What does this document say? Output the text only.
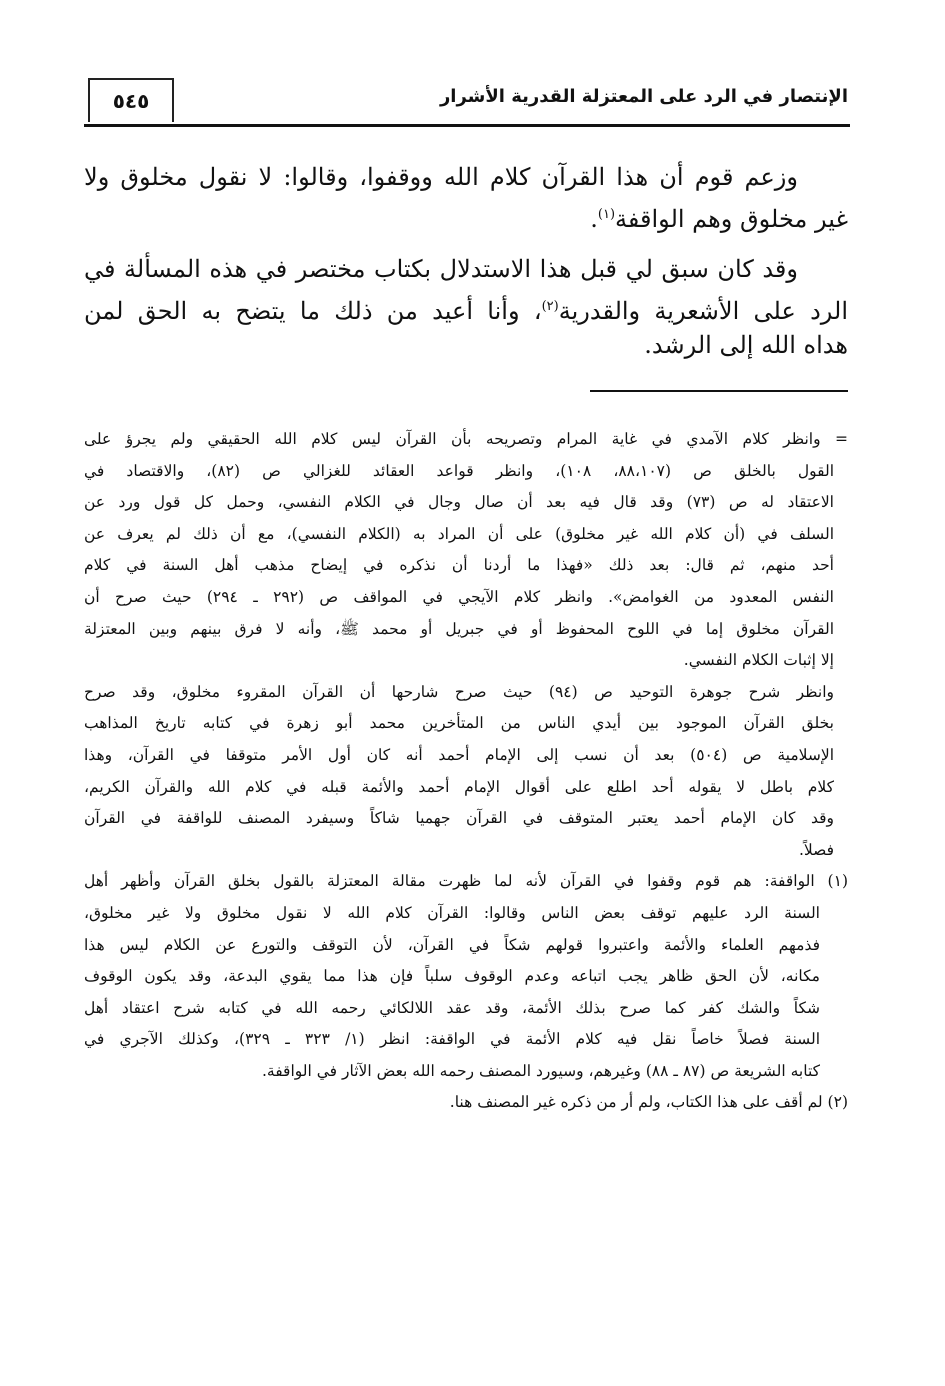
الإنتصار في الرد على المعتزلة القدرية الأشرار
٥٤٥
وزعم قوم أن هذا القرآن كلام الله ووقفوا، وقالوا: لا نقول مخلوق ولا
غير مخلوق وهم الواقفة$^{(١)}$.
وقد كان سبق لي قبل هذا الاستدلال بكتاب مختصر في هذه المسألة في
الرد على الأشعرية والقدرية$^{(٢)}$، وأنا أعيد من ذلك ما يتضح به الحق لمن
هداه الله إلى الرشد.
= وانظر كلام الآمدي في غاية المرام وتصريحه بأن القرآن ليس كلام الله الحقيقي ولم يجرؤ على
القول بالخلق ص (٨٨،١٠٧، ١٠٨)، وانظر قواعد العقائد للغزالي ص (٨٢)، والاقتصاد في
الاعتقاد له ص (٧٣) وقد قال فيه بعد أن صال وجال في الكلام النفسي، وحمل كل قول ورد عن
السلف في (أن كلام الله غير مخلوق) على أن المراد به (الكلام النفسي)، مع أن ذلك لم يعرف عن
أحد منهم، ثم قال: بعد ذلك «فهذا ما أردنا أن نذكره في إيضاح مذهب أهل السنة في كلام
النفس المعدود من الغوامض». وانظر كلام الآيجي في المواقف ص (٢٩٢ ـ ٢٩٤) حيث صرح أن
القرآن مخلوق إما في اللوح المحفوظ أو في جبريل أو محمد ﷺ، وأنه لا فرق بينهم وبين المعتزلة
إلا إثبات الكلام النفسي.
وانظر شرح جوهرة التوحيد ص (٩٤) حيث صرح شارحها أن القرآن المقروء مخلوق، وقد صرح
بخلق القرآن الموجود بين أيدي الناس من المتأخرين محمد أبو زهرة في كتابه تاريخ المذاهب
الإسلامية ص (٥٠٤) بعد أن نسب إلى الإمام أحمد أنه كان أول الأمر متوقفا في القرآن، وهذا
كلام باطل لا يقوله أحد اطلع على أقوال الإمام أحمد والأئمة قبله في كلام الله والقرآن الكريم،
وقد كان الإمام أحمد يعتبر المتوقف في القرآن جهميا شاكاً وسيفرد المصنف للواقفة في القرآن
فصلاً.
(١) الواقفة: هم قوم وقفوا في القرآن لأنه لما ظهرت مقالة المعتزلة بالقول بخلق القرآن وأظهر أهل
السنة الرد عليهم توقف بعض الناس وقالوا: القرآن كلام الله لا نقول مخلوق ولا غير مخلوق،
فذمهم العلماء والأئمة واعتبروا قولهم شكاً في القرآن، لأن التوقف والتورع عن الكلام ليس هذا
مكانه، لأن الحق ظاهر يجب اتباعه وعدم الوقوف سلباً فإن هذا مما يقوي البدعة، وقد يكون الوقوف
شكاً والشك كفر كما صرح بذلك الأئمة، وقد عقد اللالكائي رحمه الله في كتابه شرح اعتقاد أهل
السنة فصلاً خاصاً نقل فيه كلام الأئمة في الواقفة: انظر (١/ ٣٢٣ ـ ٣٢٩)، وكذلك الآجري في
كتابه الشريعة ص (٨٧ ـ ٨٨) وغيرهم، وسيورد المصنف رحمه الله بعض الآثار في الواقفة.
(٢) لم أقف على هذا الكتاب، ولم أر من ذكره غير المصنف هنا.
